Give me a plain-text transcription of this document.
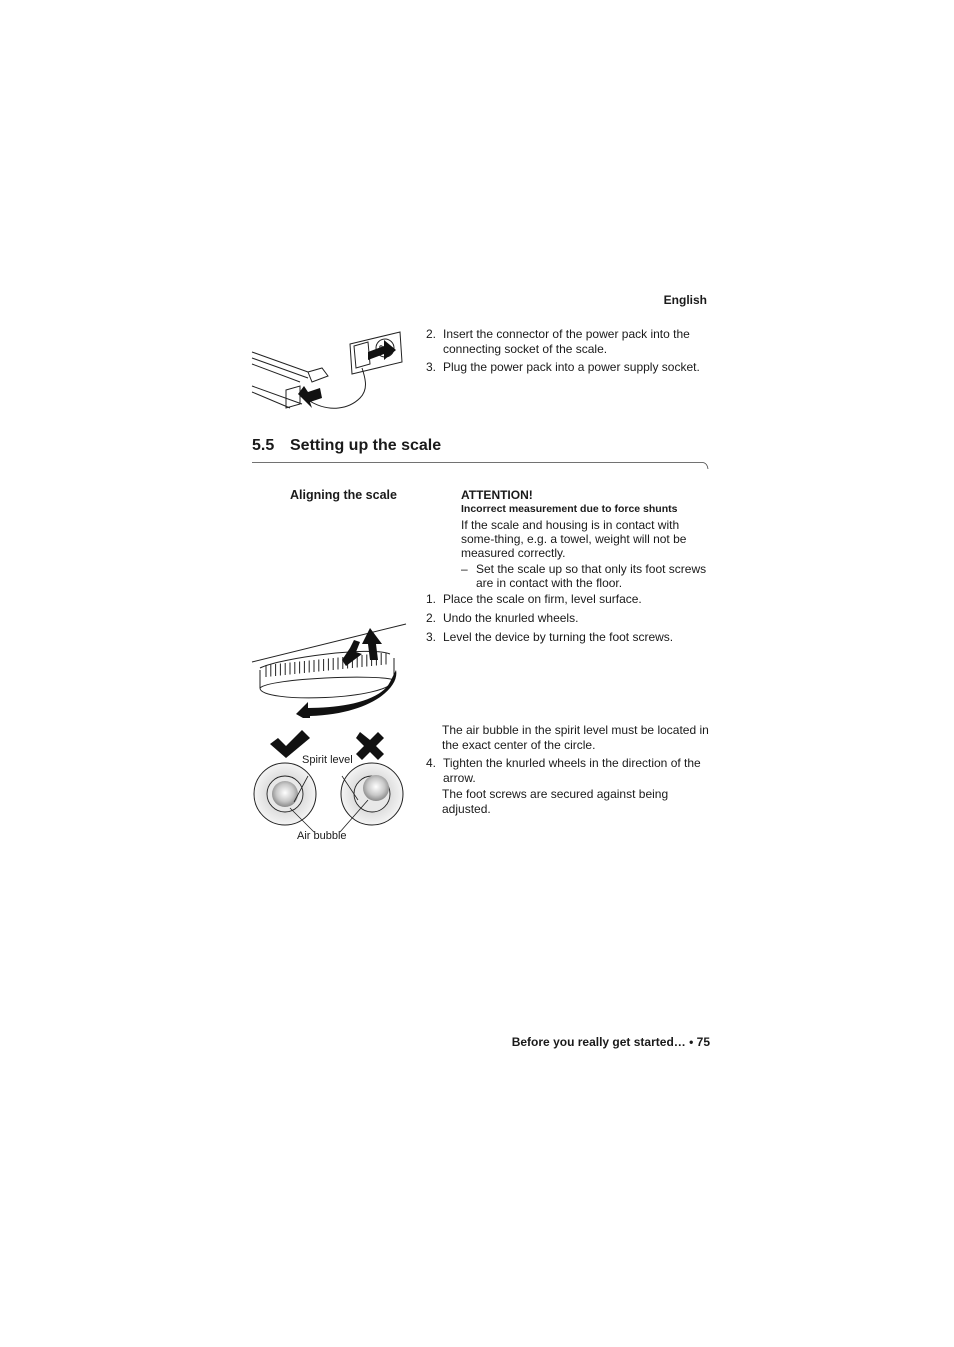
English
2. Insert the connector of the power pack into the connecting socket of the scale.
3. Plug the power pack into a power supply socket.
5.5 Setting up the scale
Aligning the scale	ATTENTION!
Incorrect measurement due to force shunts
If the scale and housing is in contact with some-thing, e.g. a towel, weight will not be measured correctly.
– Set the scale up so that only its foot screws are in contact with the floor.
1. Place the scale on firm, level surface.
2. Undo the knurled wheels.
3. Level the device by turning the foot screws.
The air bubble in the spirit level must be located in the exact center of the circle.
4. Tighten the knurled wheels in the direction of the arrow.
The foot screws are secured against being adjusted.
Spirit level
Air bubble
Before you really get started… • 75
